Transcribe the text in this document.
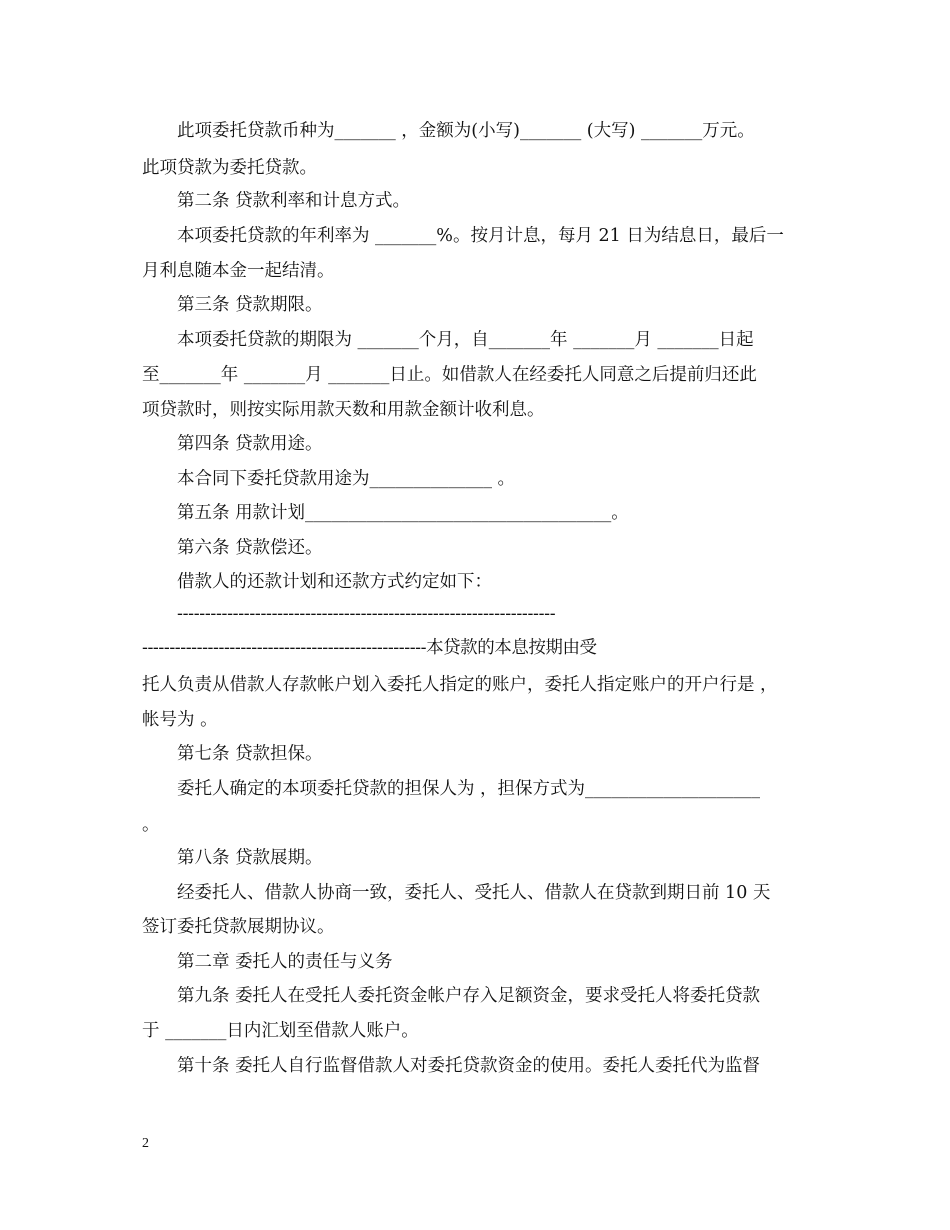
此项委托贷款币种为_______ ，金额为(小写)_______ (大写) _______万元。

此项贷款为委托贷款。

第二条 贷款利率和计息方式。

本项委托贷款的年利率为 _______%。按月计息，每月 21 日为结息日，最后一

月利息随本金一起结清。

第三条 贷款期限。

本项委托贷款的期限为 _______个月，自_______年 _______月 _______日起

至_______年 _______月 _______日止。如借款人在经委托人同意之后提前归还此

项贷款时，则按实际用款天数和用款金额计收利息。

第四条 贷款用途。

本合同下委托贷款用途为______________ 。

第五条 用款计划___________________________________。

第六条 贷款偿还。

借款人的还款计划和还款方式约定如下：

--------------------------------------------------------------------

----------------------------------------------------本贷款的本息按期由受

托人负责从借款人存款帐户划入委托人指定的账户，委托人指定账户的开户行是 ，

帐号为 。

第七条 贷款担保。

委托人确定的本项委托贷款的担保人为 ，担保方式为____________________

。

第八条 贷款展期。

经委托人、借款人协商一致，委托人、受托人、借款人在贷款到期日前 10 天

签订委托贷款展期协议。

第二章 委托人的责任与义务

第九条 委托人在受托人委托资金帐户存入足额资金，要求受托人将委托贷款

于 _______日内汇划至借款人账户。

第十条 委托人自行监督借款人对委托贷款资金的使用。委托人委托代为监督

2
